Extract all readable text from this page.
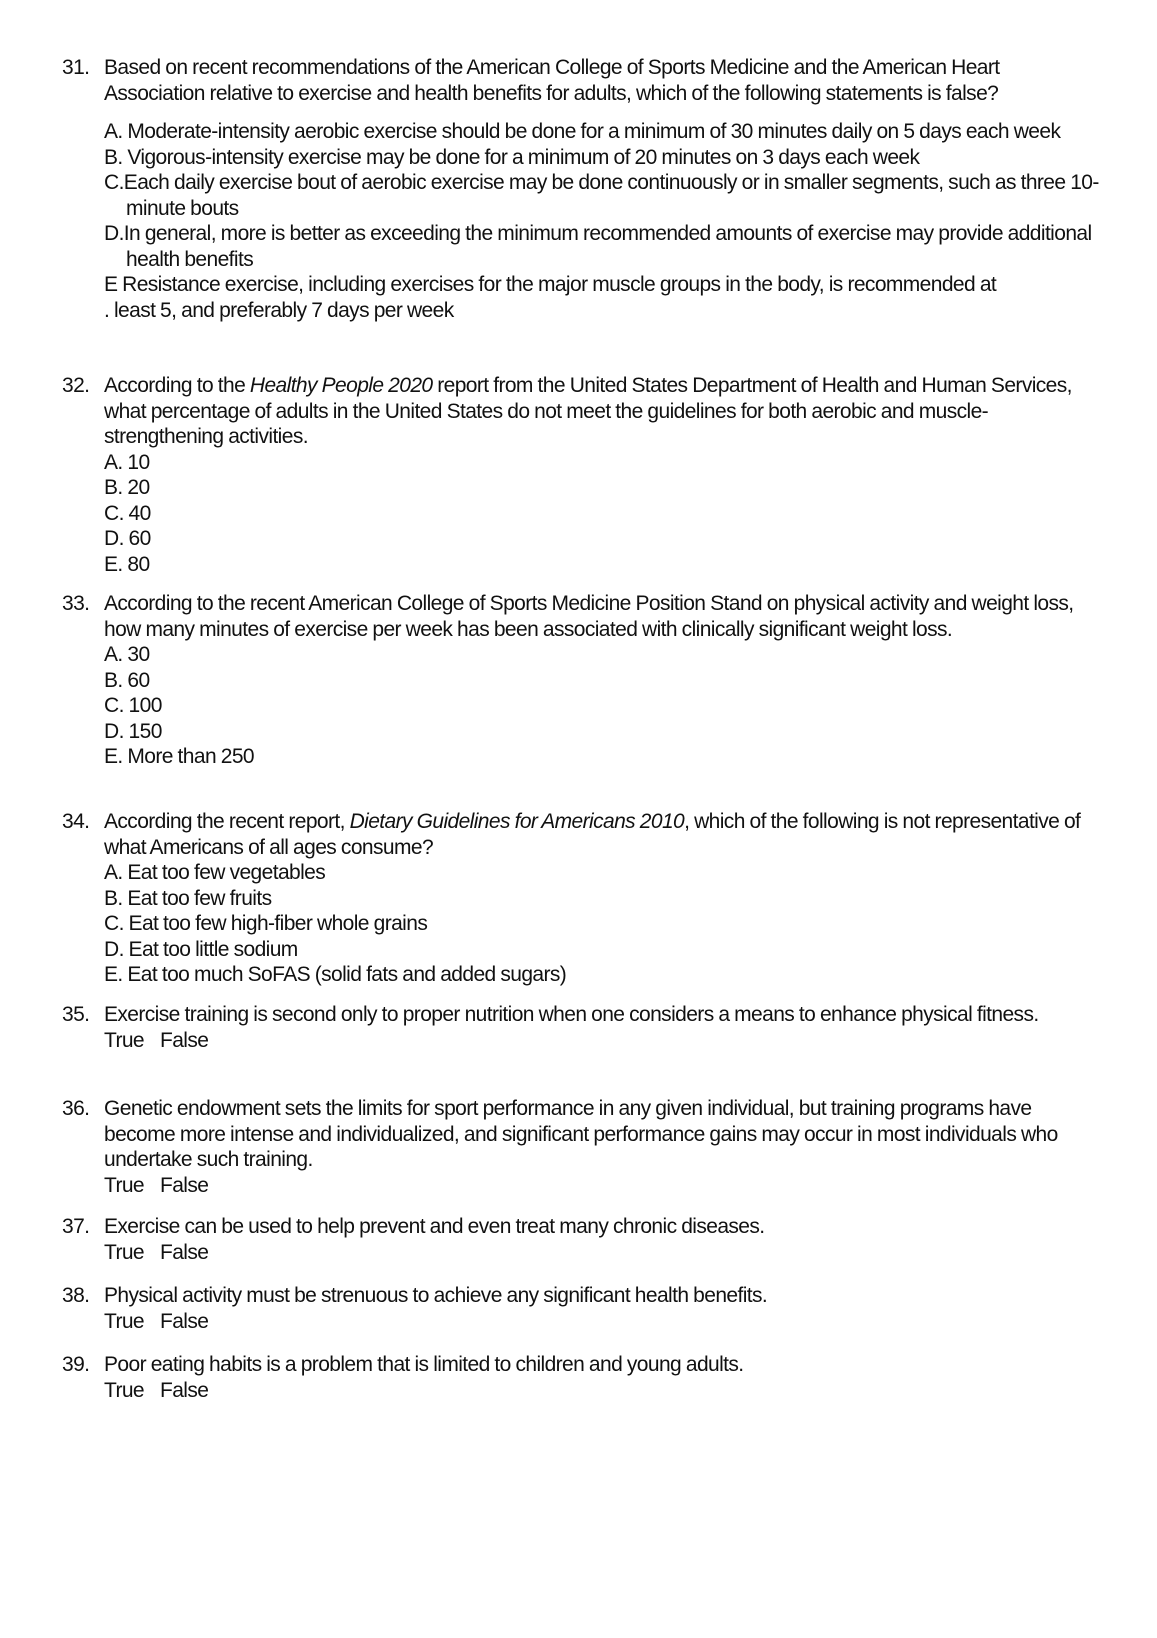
31. Based on recent recommendations of the American College of Sports Medicine and the American Heart Association relative to exercise and health benefits for adults, which of the following statements is false?
A. Moderate-intensity aerobic exercise should be done for a minimum of 30 minutes daily on 5 days each week
B. Vigorous-intensity exercise may be done for a minimum of 20 minutes on 3 days each week
C.Each daily exercise bout of aerobic exercise may be done continuously or in smaller segments, such as three 10-minute bouts
D.In general, more is better as exceeding the minimum recommended amounts of exercise may provide additional health benefits
E Resistance exercise, including exercises for the major muscle groups in the body, is recommended at
. least 5, and preferably 7 days per week
32. According to the Healthy People 2020 report from the United States Department of Health and Human Services, what percentage of adults in the United States do not meet the guidelines for both aerobic and muscle-strengthening activities.
A. 10
B. 20
C. 40
D. 60
E. 80
33. According to the recent American College of Sports Medicine Position Stand on physical activity and weight loss, how many minutes of exercise per week has been associated with clinically significant weight loss.
A. 30
B. 60
C. 100
D. 150
E. More than 250
34. According the recent report, Dietary Guidelines for Americans 2010, which of the following is not representative of what Americans of all ages consume?
A. Eat too few vegetables
B. Eat too few fruits
C. Eat too few high-fiber whole grains
D. Eat too little sodium
E. Eat too much SoFAS (solid fats and added sugars)
35. Exercise training is second only to proper nutrition when one considers a means to enhance physical fitness.
True False
36. Genetic endowment sets the limits for sport performance in any given individual, but training programs have become more intense and individualized, and significant performance gains may occur in most individuals who undertake such training.
True False
37. Exercise can be used to help prevent and even treat many chronic diseases.
True False
38. Physical activity must be strenuous to achieve any significant health benefits.
True False
39. Poor eating habits is a problem that is limited to children and young adults.
True False
